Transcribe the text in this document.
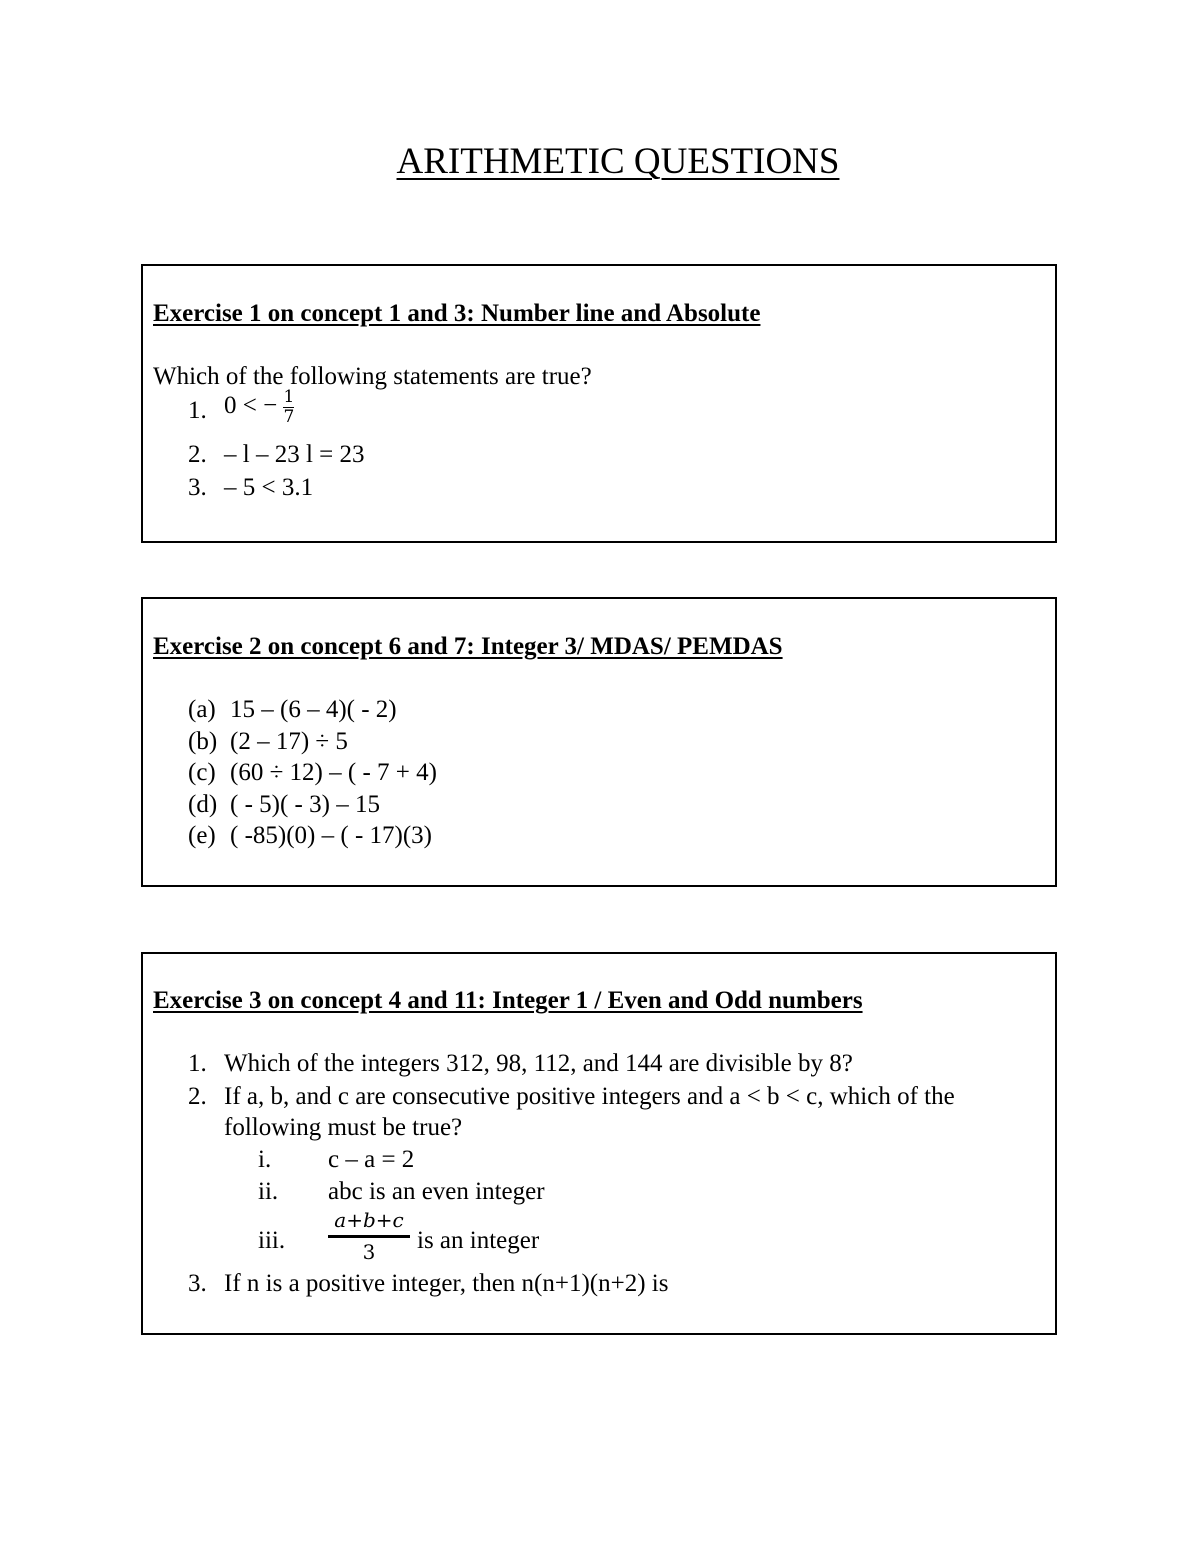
ARITHMETIC QUESTIONS
Exercise 1 on concept 1 and 3: Number line and Absolute
Which of the following statements are true?
1. 0 < − $\frac{1}{7}$
2. – l – 23 l = 23
3. – 5 < 3.1
Exercise 2 on concept 6 and 7: Integer 3/ MDAS/ PEMDAS
(a) 15 – (6 – 4)( - 2)
(b) (2 – 17) ÷ 5
(c) (60 ÷ 12) – ( - 7 + 4)
(d) ( - 5)( - 3) – 15
(e) ( -85)(0) – ( - 17)(3)
Exercise 3 on concept 4 and 11: Integer 1 / Even and Odd numbers
1. Which of the integers 312, 98, 112, and 144 are divisible by 8?
2. If a, b, and c are consecutive positive integers and a < b < c, which of the
following must be true?
i. c – a = 2
ii. abc is an even integer
iii.
a+b+c
3	is an integer
3. If n is a positive integer, then n(n+1)(n+2) is
